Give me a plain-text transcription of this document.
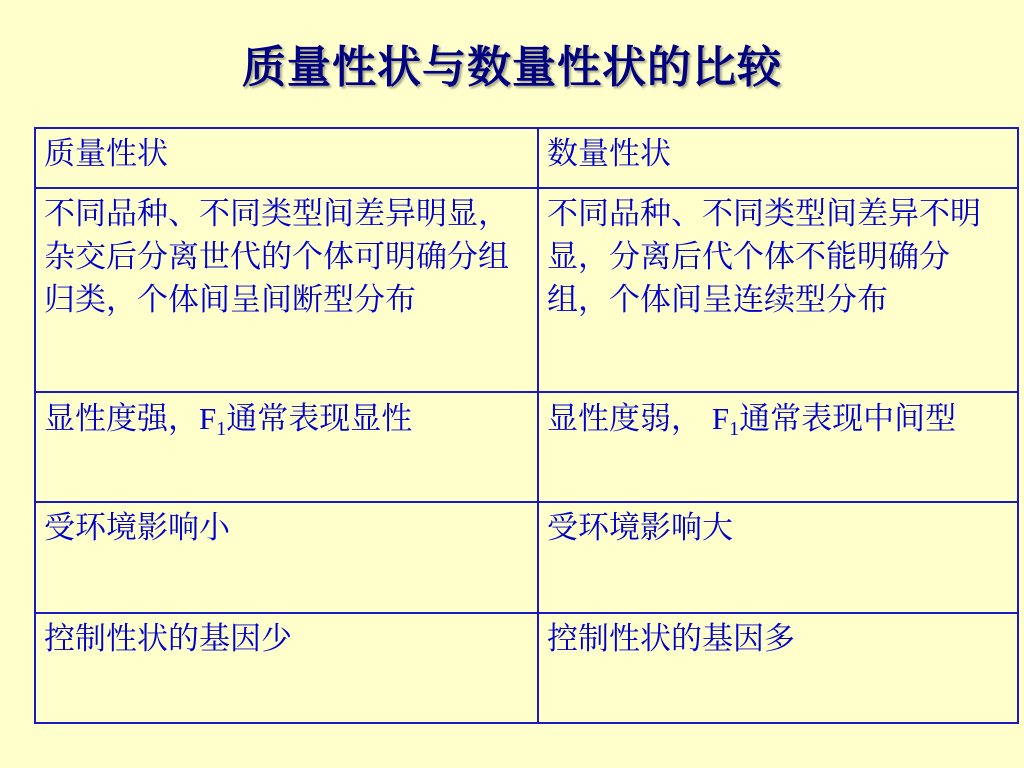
质量性状与数量性状的比较
质量性状	数量性状
不同品种、不同类型间差异明显，杂交后分离世代的个体可明确分组归类，个体间呈间断型分布	不同品种、不同类型间差异不明显，分离后代个体不能明确分组，个体间呈连续型分布
显性度强，$F_1$通常表现显性	显性度弱， $F_1$通常表现中间型
受环境影响小	受环境影响大
控制性状的基因少	控制性状的基因多
